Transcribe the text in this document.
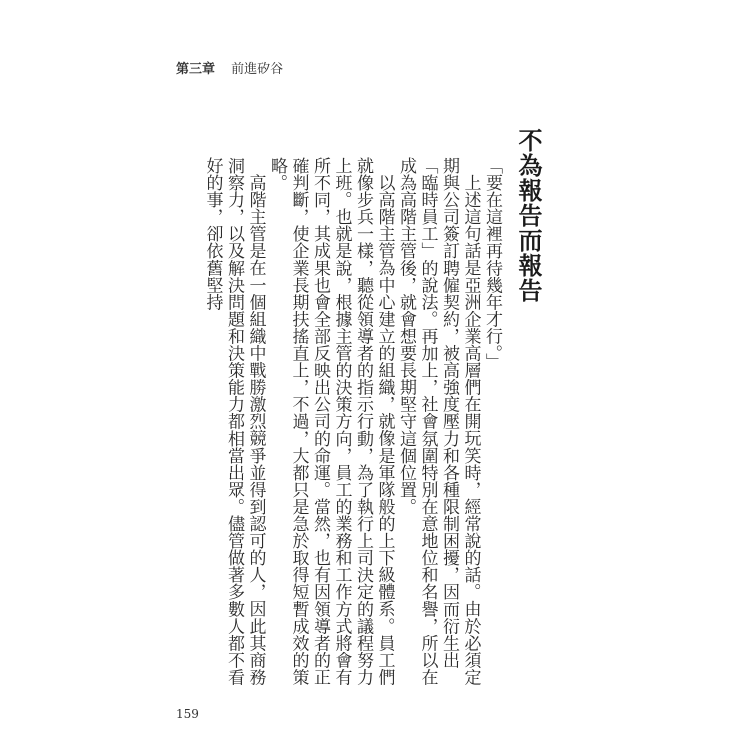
第三章 前進矽谷
不為報告而報告

「要在這裡再待幾年才行。」

上述這句話是亞洲企業高層們在開玩笑時，經常說的話。由於必須定期與公司簽訂聘僱契約，被高強度壓力和各種限制困擾，因而衍生出「臨時員工」的說法。再加上，社會氛圍特別在意地位和名譽，所以在成為高階主管後，就會想要長期堅守這個位置。

以高階主管為中心建立的組織，就像是軍隊般的上下級體系。員工們就像步兵一樣，聽從領導者的指示行動，為了執行上司決定的議程努力上班。也就是說，根據主管的決策方向，員工的業務和工作方式將會有所不同，其成果也會全部反映出公司的命運。當然，也有因領導者的正確判斷，使企業長期扶搖直上，不過，大都只是急於取得短暫成效的策略。

高階主管是在一個組織中戰勝激烈競爭並得到認可的人，因此其商務洞察力，以及解決問題和決策能力都相當出眾。儘管做著多數人都不看好的事，卻依舊堅持

159
